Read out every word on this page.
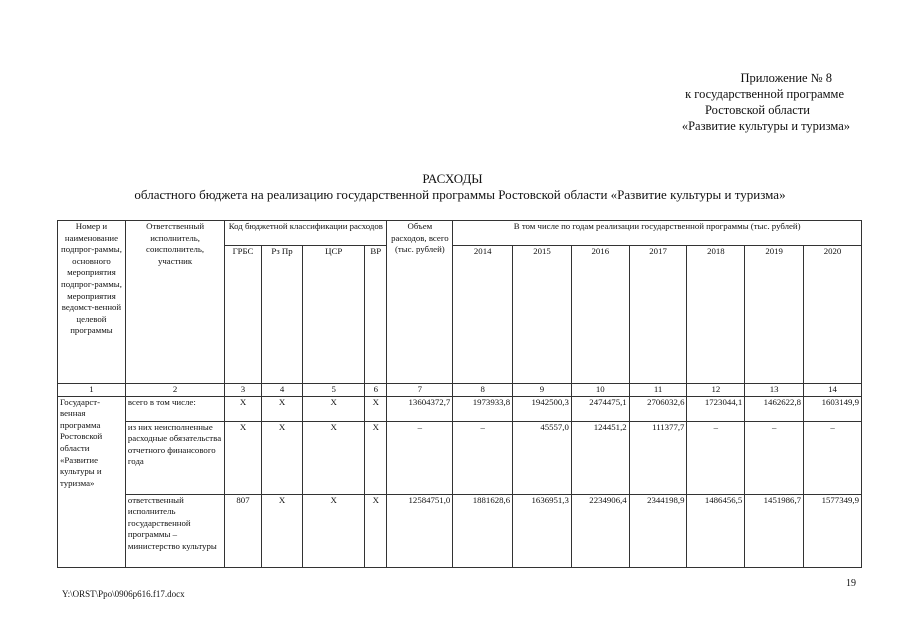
Приложение № 8
к государственной программе
Ростовской области
«Развитие культуры и туризма»
РАСХОДЫ
областного бюджета на реализацию государственной программы Ростовской области «Развитие культуры и туризма»
Номер и наименование подпрог-раммы, основного мероприятия подпрог-раммы, мероприятия ведомст-венной целевой программы	Ответственный исполнитель, соисполнитель, участник	Код бюджетной классификации расходов				Объем расходов, всего (тыс. рублей)	В том числе по годам реализации государственной программы (тыс. рублей)						
		ГРБС	Рз Пр	ЦСР	ВР		2014	2015	2016	2017	2018	2019	2020
1	2	3	4	5	6	7	8	9	10	11	12	13	14
Государст-венная программа Ростовской области «Развитие культуры и туризма»	всего в том числе:	Х	Х	Х	Х	13604372,7	1973933,8	1942500,3	2474475,1	2706032,6	1723044,1	1462622,8	1603149,9
	из них неисполненные расходные обязательства отчетного финансового года	Х	Х	Х	Х	–	–	45557,0	124451,2	111377,7	–	–	–
	ответственный исполнитель государственной программы – министерство культуры	807	Х	Х	Х	12584751,0	1881628,6	1636951,3	2234906,4	2344198,9	1486456,5	1451986,7	1577349,9
19
Y:\ORST\Ppo\0906p616.f17.docx
